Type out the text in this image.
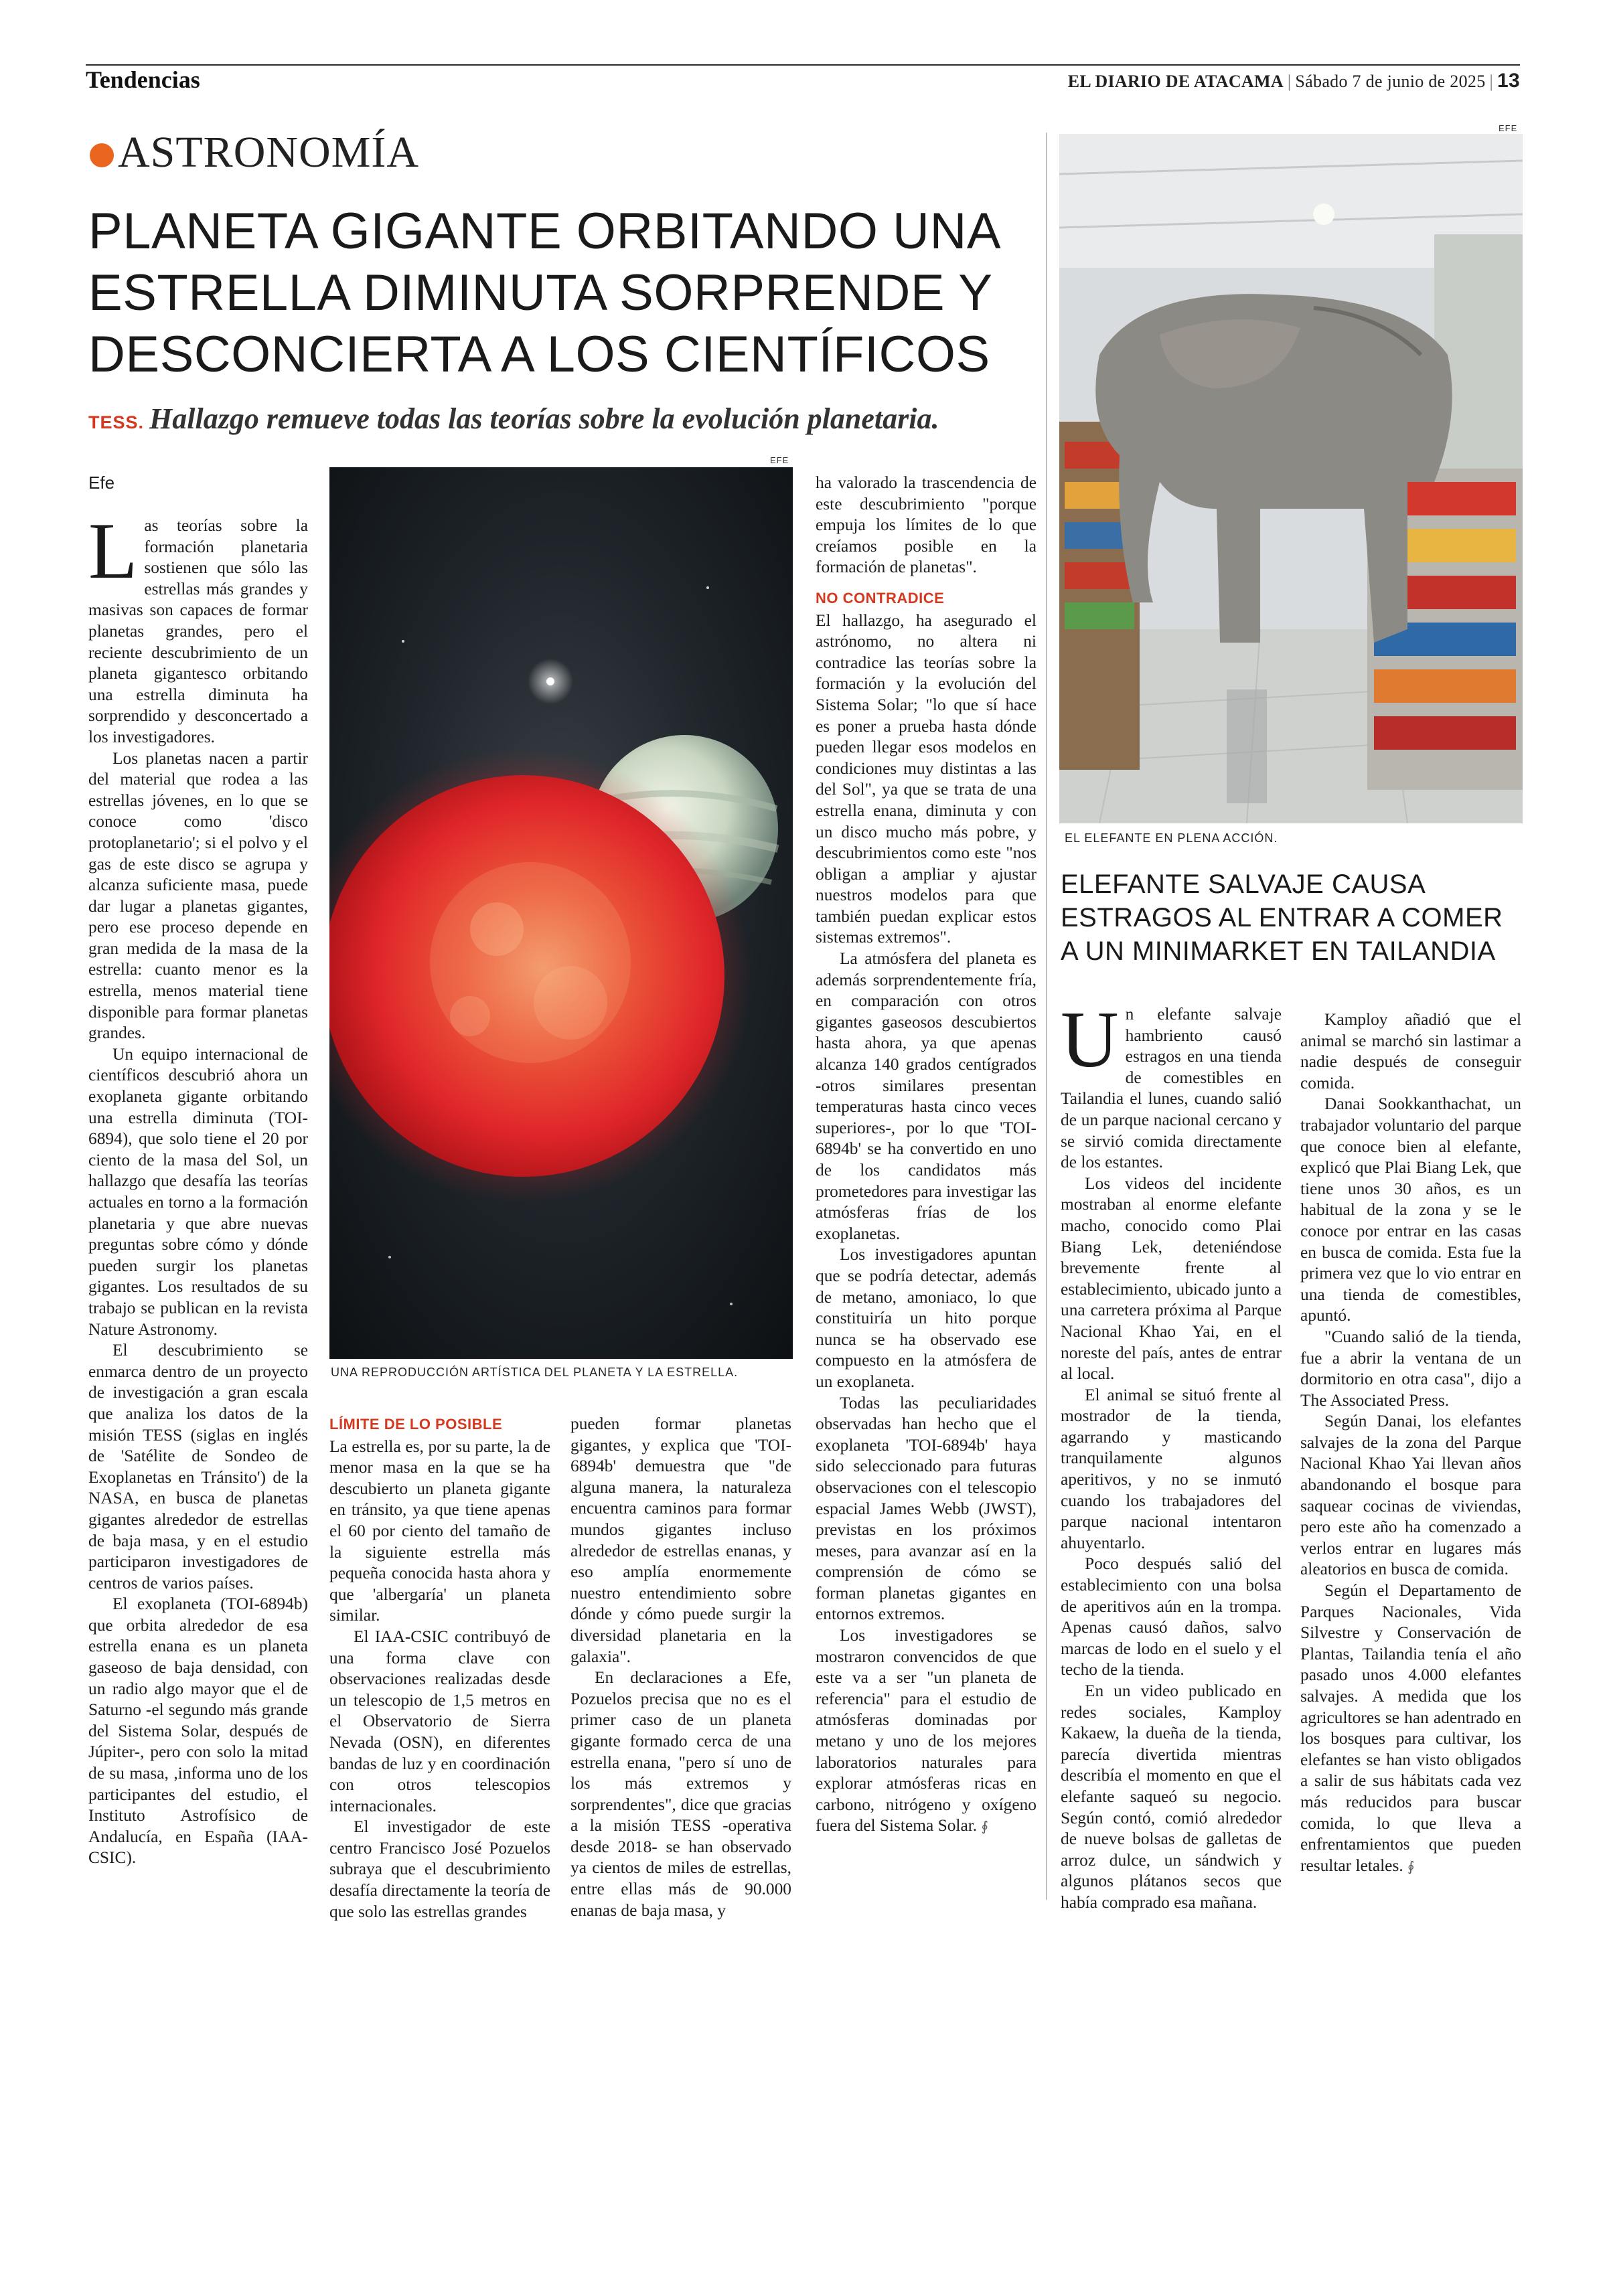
Tendencias	EL DIARIO DE ATACAMA | Sábado 7 de junio de 2025 | 13
ASTRONOMÍA
PLANETA GIGANTE ORBITANDO UNA
ESTRELLA DIMINUTA SORPRENDE Y
DESCONCIERTA A LOS CIENTÍFICOS
TESS. Hallazgo remueve todas las teorías sobre la evolución planetaria.
Efe

Las teorías sobre la formación planetaria sostienen que sólo las estrellas más grandes y masivas son capaces de formar planetas grandes, pero el reciente descubrimiento de un planeta gigantesco orbitando una estrella diminuta ha sorprendido y desconcertado a los investigadores.

Los planetas nacen a partir del material que rodea a las estrellas jóvenes, en lo que se conoce como 'disco protoplanetario'; si el polvo y el gas de este disco se agrupa y alcanza suficiente masa, puede dar lugar a planetas gigantes, pero ese proceso depende en gran medida de la masa de la estrella: cuanto menor es la estrella, menos material tiene disponible para formar planetas grandes.

Un equipo internacional de científicos descubrió ahora un exoplaneta gigante orbitando una estrella diminuta (TOI-6894), que solo tiene el 20 por ciento de la masa del Sol, un hallazgo que desafía las teorías actuales en torno a la formación planetaria y que abre nuevas preguntas sobre cómo y dónde pueden surgir los planetas gigantes. Los resultados de su trabajo se publican en la revista Nature Astronomy.

El descubrimiento se enmarca dentro de un proyecto de investigación a gran escala que analiza los datos de la misión TESS (siglas en inglés de 'Satélite de Sondeo de Exoplanetas en Tránsito') de la NASA, en busca de planetas gigantes alrededor de estrellas de baja masa, y en el estudio participaron investigadores de centros de varios países.

El exoplaneta (TOI-6894b) que orbita alrededor de esa estrella enana es un planeta gaseoso de baja densidad, con un radio algo mayor que el de Saturno -el segundo más grande del Sistema Solar, después de Júpiter-, pero con solo la mitad de su masa, ,informa uno de los participantes del estudio, el Instituto Astrofísico de Andalucía, en España (IAA-CSIC).

EFE
UNA REPRODUCCIÓN ARTÍSTICA DEL PLANETA Y LA ESTRELLA.
LÍMITE DE LO POSIBLE

La estrella es, por su parte, la de menor masa en la que se ha descubierto un planeta gigante en tránsito, ya que tiene apenas el 60 por ciento del tamaño de la siguiente estrella más pequeña conocida hasta ahora y que 'albergaría' un planeta similar.

El IAA-CSIC contribuyó de una forma clave con observaciones realizadas desde un telescopio de 1,5 metros en el Observatorio de Sierra Nevada (OSN), en diferentes bandas de luz y en coordinación con otros telescopios internacionales.

El investigador de este centro Francisco José Pozuelos subraya que el descubrimiento desafía directamente la teoría de que solo las estrellas grandes

pueden formar planetas gigantes, y explica que 'TOI-6894b' demuestra que "de alguna manera, la naturaleza encuentra caminos para formar mundos gigantes incluso alrededor de estrellas enanas, y eso amplía enormemente nuestro entendimiento sobre dónde y cómo puede surgir la diversidad planetaria en la galaxia".

En declaraciones a Efe, Pozuelos precisa que no es el primer caso de un planeta gigante formado cerca de una estrella enana, "pero sí uno de los más extremos y sorprendentes", dice que gracias a la misión TESS -operativa desde 2018- se han observado ya cientos de miles de estrellas, entre ellas más de 90.000 enanas de baja masa, y

ha valorado la trascendencia de este descubrimiento "porque empuja los límites de lo que creíamos posible en la formación de planetas".

NO CONTRADICE

El hallazgo, ha asegurado el astrónomo, no altera ni contradice las teorías sobre la formación y la evolución del Sistema Solar; "lo que sí hace es poner a prueba hasta dónde pueden llegar esos modelos en condiciones muy distintas a las del Sol", ya que se trata de una estrella enana, diminuta y con un disco mucho más pobre, y descubrimientos como este "nos obligan a ampliar y ajustar nuestros modelos para que también puedan explicar estos sistemas extremos".

La atmósfera del planeta es además sorprendentemente fría, en comparación con otros gigantes gaseosos descubiertos hasta ahora, ya que apenas alcanza 140 grados centígrados -otros similares presentan temperaturas hasta cinco veces superiores-, por lo que 'TOI-6894b' se ha convertido en uno de los candidatos más prometedores para investigar las atmósferas frías de los exoplanetas.

Los investigadores apuntan que se podría detectar, además de metano, amoniaco, lo que constituiría un hito porque nunca se ha observado ese compuesto en la atmósfera de un exoplaneta.

Todas las peculiaridades observadas han hecho que el exoplaneta 'TOI-6894b' haya sido seleccionado para futuras observaciones con el telescopio espacial James Webb (JWST), previstas en los próximos meses, para avanzar así en la comprensión de cómo se forman planetas gigantes en entornos extremos.

Los investigadores se mostraron convencidos de que este va a ser "un planeta de referencia" para el estudio de atmósferas dominadas por metano y uno de los mejores laboratorios naturales para explorar atmósferas ricas en carbono, nitrógeno y oxígeno fuera del Sistema Solar. ∮

EFE
EL ELEFANTE EN PLENA ACCIÓN.
ELEFANTE SALVAJE CAUSA
ESTRAGOS AL ENTRAR A COMER
A UN MINIMARKET EN TAILANDIA

Un elefante salvaje hambriento causó estragos en una tienda de comestibles en Tailandia el lunes, cuando salió de un parque nacional cercano y se sirvió comida directamente de los estantes.

Los videos del incidente mostraban al enorme elefante macho, conocido como Plai Biang Lek, deteniéndose brevemente frente al establecimiento, ubicado junto a una carretera próxima al Parque Nacional Khao Yai, en el noreste del país, antes de entrar al local.

El animal se situó frente al mostrador de la tienda, agarrando y masticando tranquilamente algunos aperitivos, y no se inmutó cuando los trabajadores del parque nacional intentaron ahuyentarlo.

Poco después salió del establecimiento con una bolsa de aperitivos aún en la trompa. Apenas causó daños, salvo marcas de lodo en el suelo y el techo de la tienda.

En un video publicado en redes sociales, Kamploy Kakaew, la dueña de la tienda, parecía divertida mientras describía el momento en que el elefante saqueó su negocio. Según contó, comió alrededor de nueve bolsas de galletas de arroz dulce, un sándwich y algunos plátanos secos que había comprado esa mañana.

Kamploy añadió que el animal se marchó sin lastimar a nadie después de conseguir comida.

Danai Sookkanthachat, un trabajador voluntario del parque que conoce bien al elefante, explicó que Plai Biang Lek, que tiene unos 30 años, es un habitual de la zona y se le conoce por entrar en las casas en busca de comida. Esta fue la primera vez que lo vio entrar en una tienda de comestibles, apuntó.

"Cuando salió de la tienda, fue a abrir la ventana de un dormitorio en otra casa", dijo a The Associated Press.

Según Danai, los elefantes salvajes de la zona del Parque Nacional Khao Yai llevan años abandonando el bosque para saquear cocinas de viviendas, pero este año ha comenzado a verlos entrar en lugares más aleatorios en busca de comida.

Según el Departamento de Parques Nacionales, Vida Silvestre y Conservación de Plantas, Tailandia tenía el año pasado unos 4.000 elefantes salvajes. A medida que los agricultores se han adentrado en los bosques para cultivar, los elefantes se han visto obligados a salir de sus hábitats cada vez más reducidos para buscar comida, lo que lleva a enfrentamientos que pueden resultar letales. ∮
